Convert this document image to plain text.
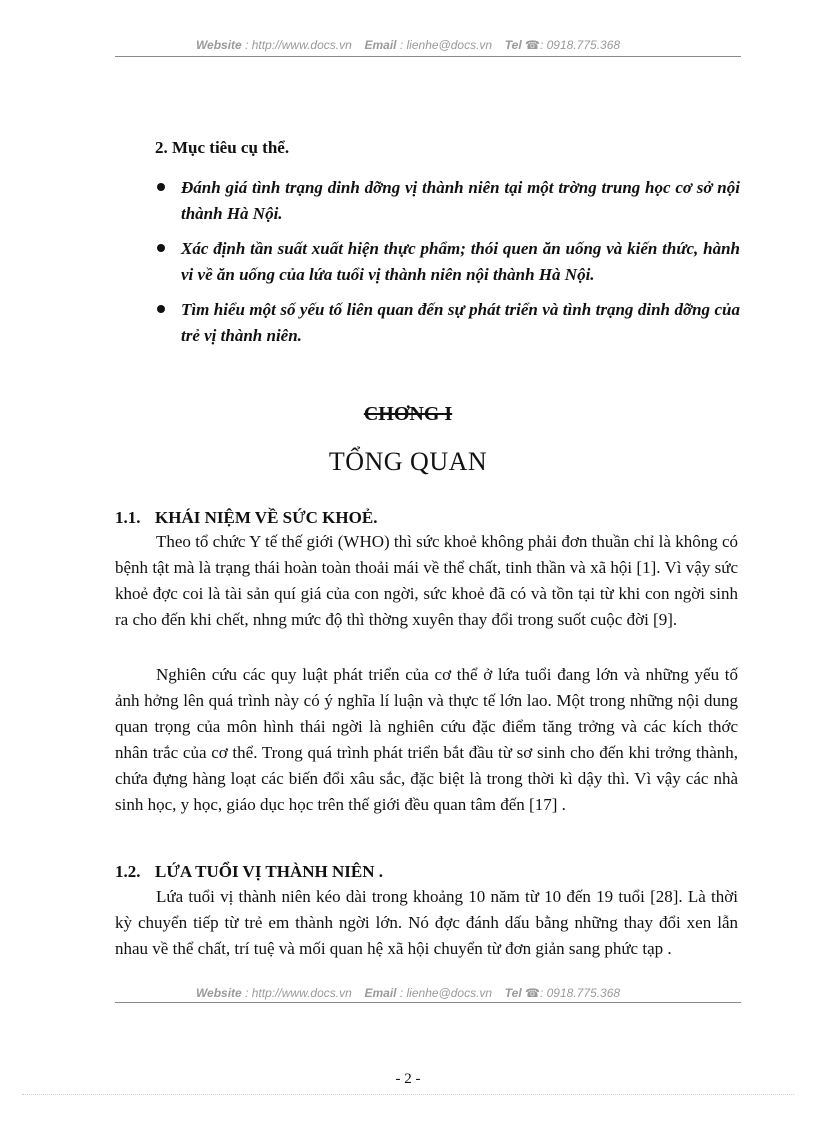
Website : http://www.docs.vn Email : lienhe@docs.vn Tel ☎: 0918.775.368

2. Mục tiêu cụ thể.

Đánh giá tình trạng dinh dỡng vị thành niên tại một trờng trung học cơ sở nội thành Hà Nội.
Xác định tần suất xuất hiện thực phẩm; thói quen ăn uống và kiến thức, hành vi về ăn uống của lứa tuổi vị thành niên nội thành Hà Nội.
Tìm hiểu một số yếu tố liên quan đến sự phát triển và tình trạng dinh dỡng của trẻ vị thành niên.
CHƠNG I
TỔNG QUAN

1.1. KHÁI NIỆM VỀ SỨC KHOẺ.

Theo tổ chức Y tế thế giới (WHO) thì sức khoẻ không phải đơn thuần chỉ là không có bệnh tật mà là trạng thái hoàn toàn thoải mái về thể chất, tinh thần và xã hội [1]. Vì vậy sức khoẻ đợc coi là tài sản quí giá của con ngời, sức khoẻ đã có và tồn tại từ khi con ngời sinh ra cho đến khi chết, nhng mức độ thì thờng xuyên thay đổi trong suốt cuộc đời [9].

Nghiên cứu các quy luật phát triển của cơ thể ở lứa tuổi đang lớn và những yếu tố ảnh hởng lên quá trình này có ý nghĩa lí luận và thực tế lớn lao. Một trong những nội dung quan trọng của môn hình thái ngời là nghiên cứu đặc điểm tăng trởng và các kích thớc nhân trắc của cơ thể. Trong quá trình phát triển bắt đầu từ sơ sinh cho đến khi trởng thành, chứa đựng hàng loạt các biến đổi xâu sắc, đặc biệt là trong thời kì dậy thì. Vì vậy các nhà sinh học, y học, giáo dục học trên thế giới đều quan tâm đến [17] .

1.2. LỨA TUỔI VỊ THÀNH NIÊN .

Lứa tuổi vị thành niên kéo dài trong khoảng 10 năm từ 10 đến 19 tuổi [28]. Là thời kỳ chuyển tiếp từ trẻ em thành ngời lớn. Nó đợc đánh dấu bằng những thay đổi xen lẫn nhau về thể chất, trí tuệ và mối quan hệ xã hội chuyển từ đơn giản sang phức tạp .

Website : http://www.docs.vn Email : lienhe@docs.vn Tel ☎: 0918.775.368
- 2 -
